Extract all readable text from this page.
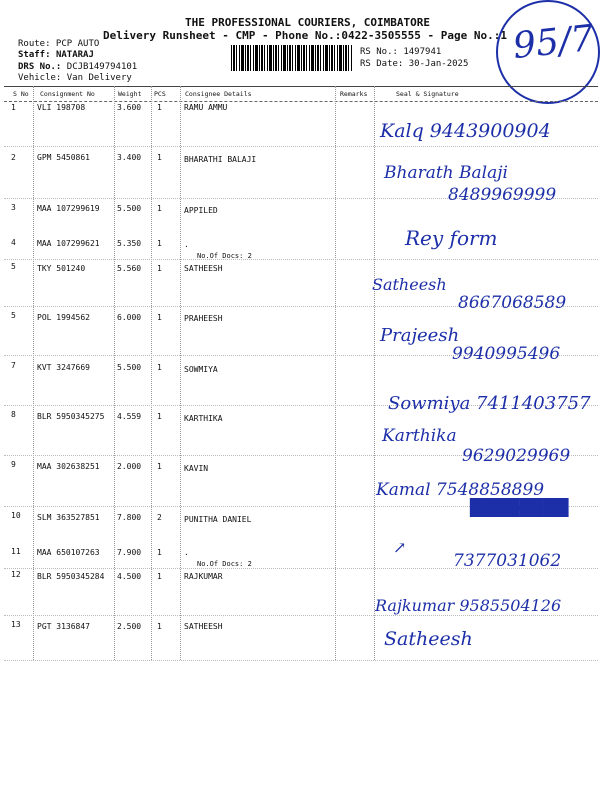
THE PROFESSIONAL COURIERS, COIMBATORE
Delivery Runsheet - CMP - Phone No.:0422-3505555 - Page No.:1
Route: PCP AUTO
Staff: NATARAJ
DRS No.: DCJB149794101
Vehicle: Van Delivery
RS No.: 1497941
RS Date: 30-Jan-2025 95/7
S No Consignment No	Weight PCS	Consignee Details	Remarks	Seal & Signature
1	VLI 198708	3.600 1	RAMU AMMU
2	GPM 5450861	3.400 1	BHARATHI BALAJI
3	MAA 107299619 5.500 1	APPILED
4	MAA 107299621 5.350 1	.
No.Of Docs: 2
5	TKY 501240	5.560 1	SATHEESH
5	POL 1994562	6.000 1	PRAHEESH
7	KVT 3247669	5.500 1	SOWMIYA
8	BLR 5950345275 4.559 1	KARTHIKA
9	MAA 302638251 2.000 1	KAVIN
10 SLM 363527851 7.800 2	PUNITHA DANIEL
11 MAA 650107263 7.900 1	.
No.Of Docs: 2
12 BLR 5950345284 4.500 1	RAJKUMAR
13 PGT 3136847	2.500 1	SATHEESH
Kalq 9443900904
Bharath Balaji
8489969999
Rey form
Satheesh
8667068589
Prajeesh
9940995496
Sowmiya 7411403757
Karthika
9629029969
Kamal 7548858899
████████
7377031062
↗
Rajkumar 9585504126
Satheesh
